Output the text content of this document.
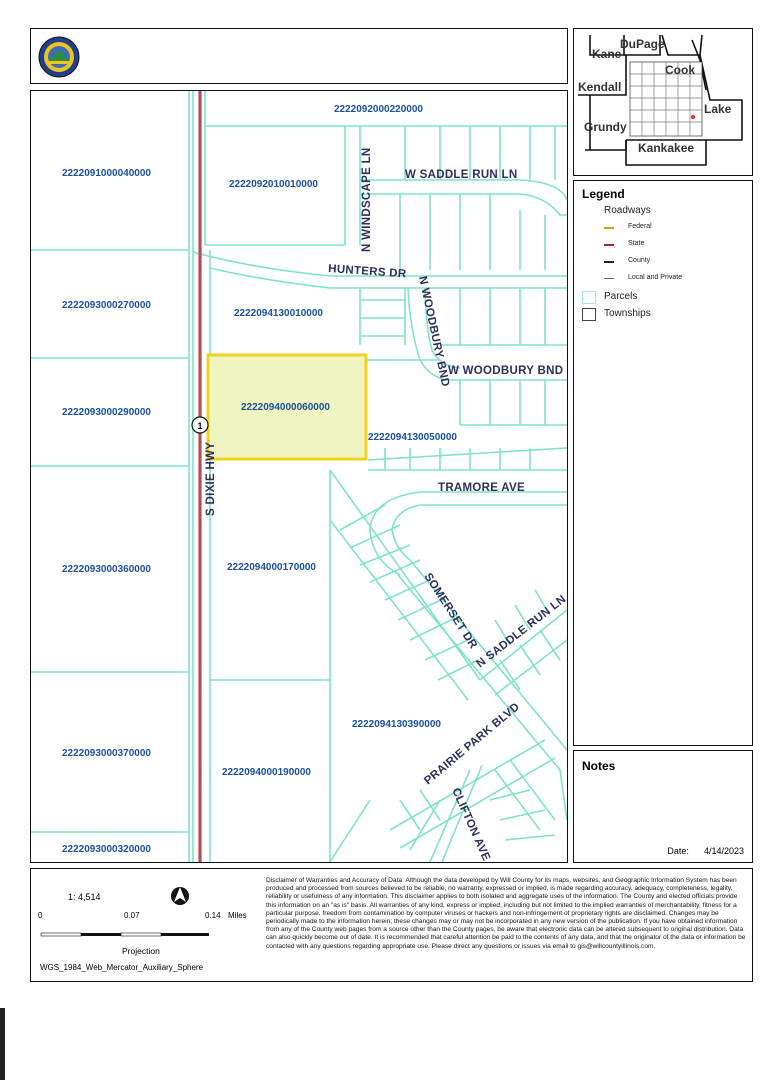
Legend
Roadways
Federal
State
County
Local and Private
Parcels
Townships
Notes
Date: 4/14/2023
1
2222092000220000
2222091000040000
2222092010010000
2222093000270000
2222094130010000
2222093000290000	2222094000060000
2222094130050000
2222093000360000	2222094000170000
2222094130390000
2222093000370000
2222094000190000
2222093000320000
N WINDSCAPE LN	W SADDLE RUN LN
HUNTERS DR
N WOODBURY BND
W WOODBURY BND
S DIXIE HWY	TRAMORE AVE
SOMERSET DR
N SADDLE RUN LN
PRAIRIE PARK BLVD
CLIFTON AVE
Kane
DuPage
Cook
Kendall
Lake
Grundy
Kankakee
1: 4,514
0	0.07	0.14 Miles
Projection
WGS_1984_Web_Mercator_Auxiliary_Sphere
Disclaimer of Warranties and Accuracy of Data: Although the data developed by Will County for its maps, websites, and Geographic Information System has been produced and processed from sources believed to be reliable, no warranty, expressed or implied, is made regarding accuracy, adequacy, completeness, legality, reliability or usefulness of any information. This disclaimer applies to both isolated and aggregate uses of the information. The County and elected officials provide this information on an "as is" basis. All warranties of any kind, express or implied, including but not limited to the implied warranties of merchantability, fitness for a particular purpose, freedom from contamination by computer viruses or hackers and non-infringement of proprietary rights are disclaimed. Changes may be periodically made to the information herein; these changes may or may not be incorporated in any new version of the publication. If you have obtained information from any of the County web pages from a source other than the County pages, be aware that electronic data can be altered subsequent to original distribution. Data can also quickly become out of date. It is recommended that careful attention be paid to the contents of any data, and that the originator of the data or information be contacted with any questions regarding appropriate use. Please direct any questions or issues via email to gis@willcountyillinois.com.
